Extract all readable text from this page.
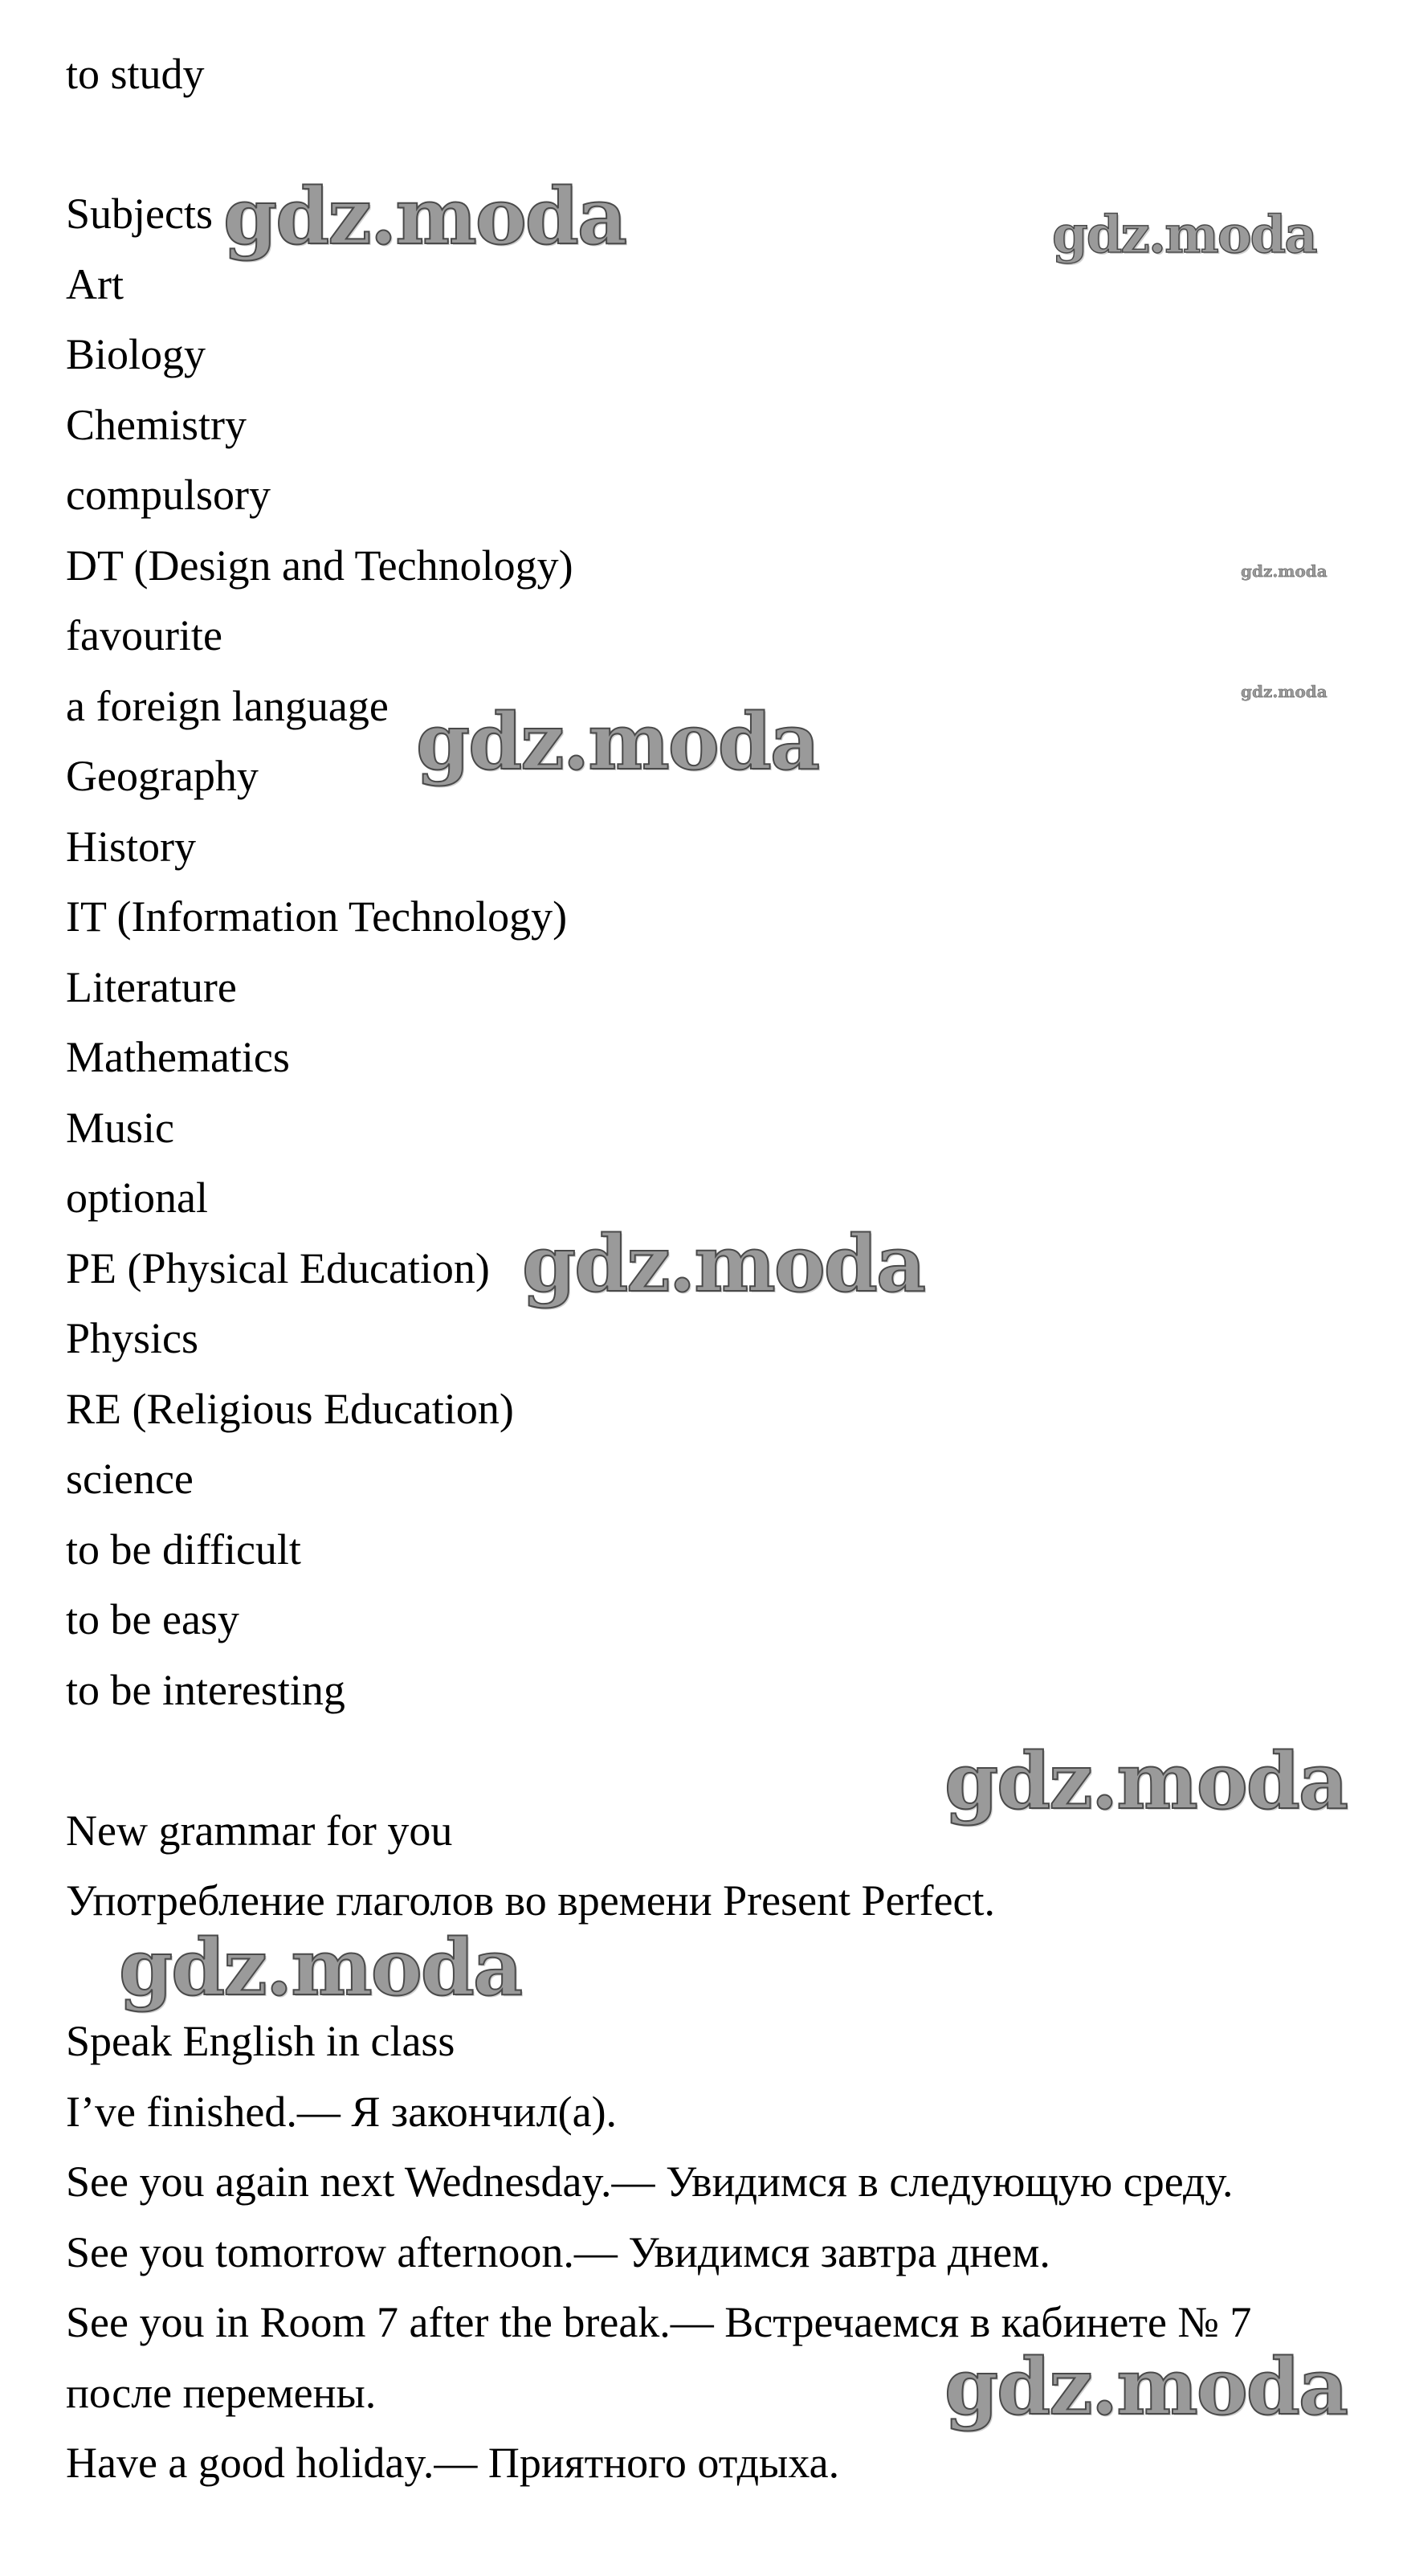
to study
Subjects
Art
Biology
Chemistry
compulsory
DT (Design and Technology)
favourite
a foreign language
Geography
History
IT (Information Technology)
Literature
Mathematics
Music
optional
PE (Physical Education)
Physics
RE (Religious Education)
science
to be difficult
to be easy
to be interesting
New grammar for you
Употребление глаголов во времени Present Perfect.
Speak English in class
I’ve finished.— Я закончил(а).
See you again next Wednesday.— Увидимся в следующую среду.
See you tomorrow afternoon.— Увидимся завтра днем.
See you in Room 7 after the break.— Встречаемся в кабинете № 7
после перемены.
Have a good holiday.— Приятного отдыха.
gdz.moda	gdz.moda
gdz.moda
gdz.moda
gdz.moda
gdz.moda
gdz.moda
gdz.moda
gdz.moda
